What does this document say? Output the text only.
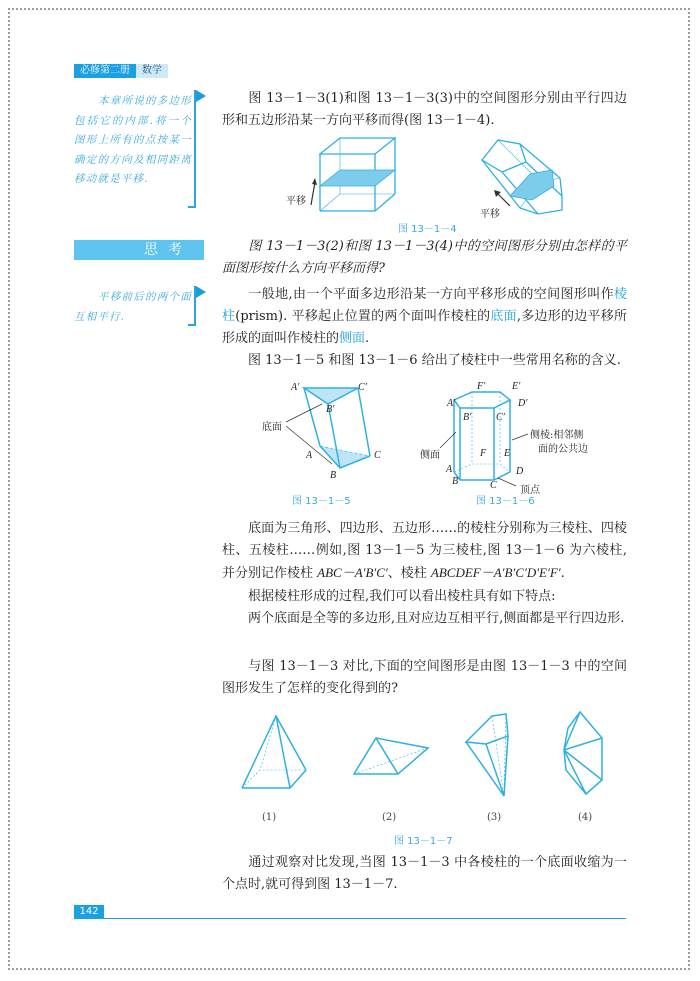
必修第二册	数学
本章所说的多边形包括它的内部.将一个图形上所有的点按某一确定的方向及相同距离移动就是平移.
思考
平移前后的两个面互相平行.
图 13－1－3(1)和图 13－1－3(3)中的空间图形分别由平行四边形和五边形沿某一方向平移而得(图 13－1－4).
平移
平移
图 13－1－4
图 13－1－3(2)和图 13－1－3(4)中的空间图形分别由怎样的平面图形按什么方向平移而得?
一般地,由一个平面多边形沿某一方向平移形成的空间图形叫作棱柱(prism). 平移起止位置的两个面叫作棱柱的底面,多边形的边平移所形成的面叫作棱柱的侧面.
图 13－1－5 和图 13－1－6 给出了棱柱中一些常用名称的含义.
底面
A′	C′
B′
A
B
C
图 13－1－5
A′
F′	E′
D′
B′ C′
F E
A
B	C
D
侧面
侧棱:相邻侧
面的公共边
顶点
图 13－1－6
底面为三角形、四边形、五边形……的棱柱分别称为三棱柱、四棱柱、五棱柱……例如,图 13－1－5 为三棱柱,图 13－1－6 为六棱柱,并分别记作棱柱 ABC－A′B′C′、棱柱 ABCDEF－A′B′C′D′E′F′.
根据棱柱形成的过程,我们可以看出棱柱具有如下特点:
两个底面是全等的多边形,且对应边互相平行,侧面都是平行四边形.
与图 13－1－3 对比,下面的空间图形是由图 13－1－3 中的空间图形发生了怎样的变化得到的?
(1)	(2)	(3)	(4)
图 13－1－7
通过观察对比发现,当图 13－1－3 中各棱柱的一个底面收缩为一个点时,就可得到图 13－1－7.
142
